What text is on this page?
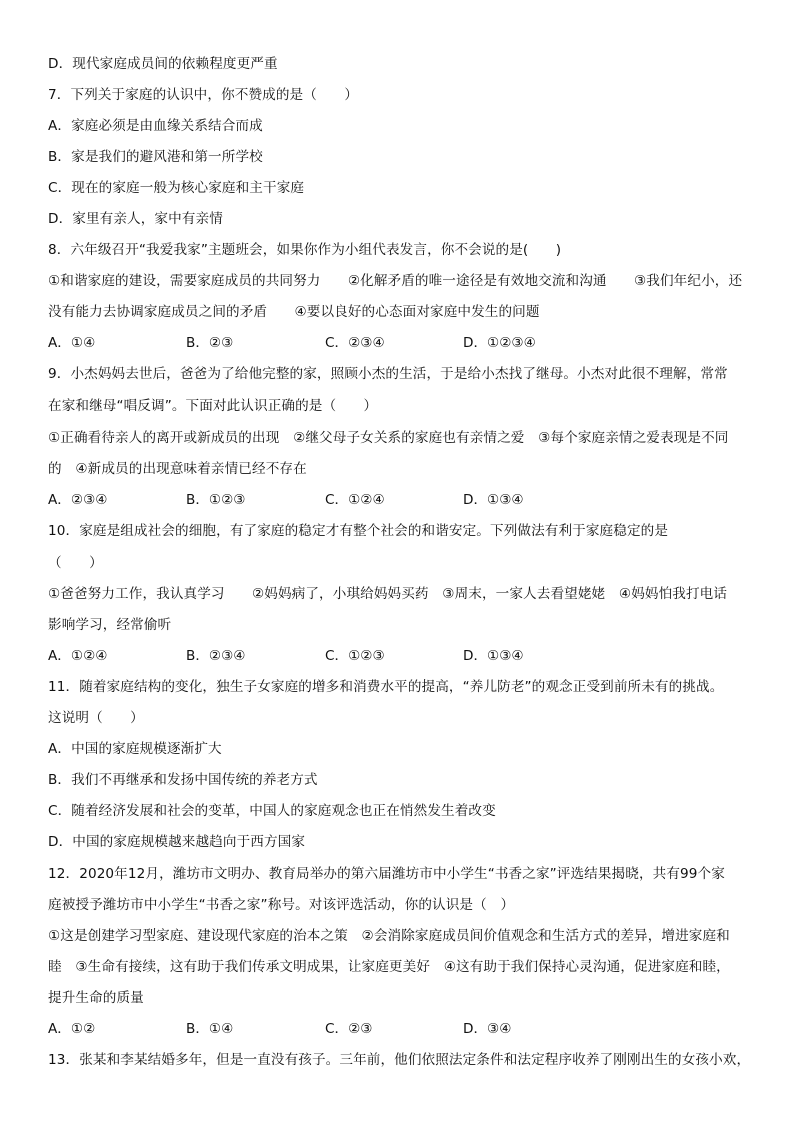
D．现代家庭成员间的依赖程度更严重
7．下列关于家庭的认识中，你不赞成的是（　　）
A．家庭必须是由血缘关系结合而成
B．家是我们的避风港和第一所学校
C．现在的家庭一般为核心家庭和主干家庭
D．家里有亲人，家中有亲情
8．六年级召开“我爱我家”主题班会，如果你作为小组代表发言，你不会说的是(　　)
①和谐家庭的建设，需要家庭成员的共同努力　　②化解矛盾的唯一途径是有效地交流和沟通　　③我们年纪小，还
没有能力去协调家庭成员之间的矛盾　　④要以良好的心态面对家庭中发生的问题
A．①④	B．②③	C．②③④	D．①②③④
9．小杰妈妈去世后，爸爸为了给他完整的家，照顾小杰的生活，于是给小杰找了继母。小杰对此很不理解，常常
在家和继母“唱反调”。下面对此认识正确的是（　　）
①正确看待亲人的离开或新成员的出现　②继父母子女关系的家庭也有亲情之爱　③每个家庭亲情之爱表现是不同
的　④新成员的出现意味着亲情已经不存在
A．②③④	B．①②③	C．①②④	D．①③④
10．家庭是组成社会的细胞，有了家庭的稳定才有整个社会的和谐安定。下列做法有利于家庭稳定的是
（　　）
①爸爸努力工作，我认真学习　　②妈妈病了，小琪给妈妈买药　③周末，一家人去看望姥姥　④妈妈怕我打电话
影响学习，经常偷听
A．①②④	B．②③④	C．①②③	D．①③④
11．随着家庭结构的变化，独生子女家庭的增多和消费水平的提高，“养儿防老”的观念正受到前所未有的挑战。
这说明（　　）
A．中国的家庭规模逐渐扩大
B．我们不再继承和发扬中国传统的养老方式
C．随着经济发展和社会的变革，中国人的家庭观念也正在悄然发生着改变
D．中国的家庭规模越来越趋向于西方国家
12．2020年12月，潍坊市文明办、教育局举办的第六届潍坊市中小学生“书香之家”评选结果揭晓，共有99个家
庭被授予潍坊市中小学生“书香之家”称号。对该评选活动，你的认识是（　）
①这是创建学习型家庭、建设现代家庭的治本之策　②会消除家庭成员间价值观念和生活方式的差异，增进家庭和
睦　③生命有接续，这有助于我们传承文明成果，让家庭更美好　④这有助于我们保持心灵沟通，促进家庭和睦，
提升生命的质量
A．①②	B．①④	C．②③	D．③④
13．张某和李某结婚多年，但是一直没有孩子。三年前，他们依照法定条件和法定程序收养了刚刚出生的女孩小欢，
